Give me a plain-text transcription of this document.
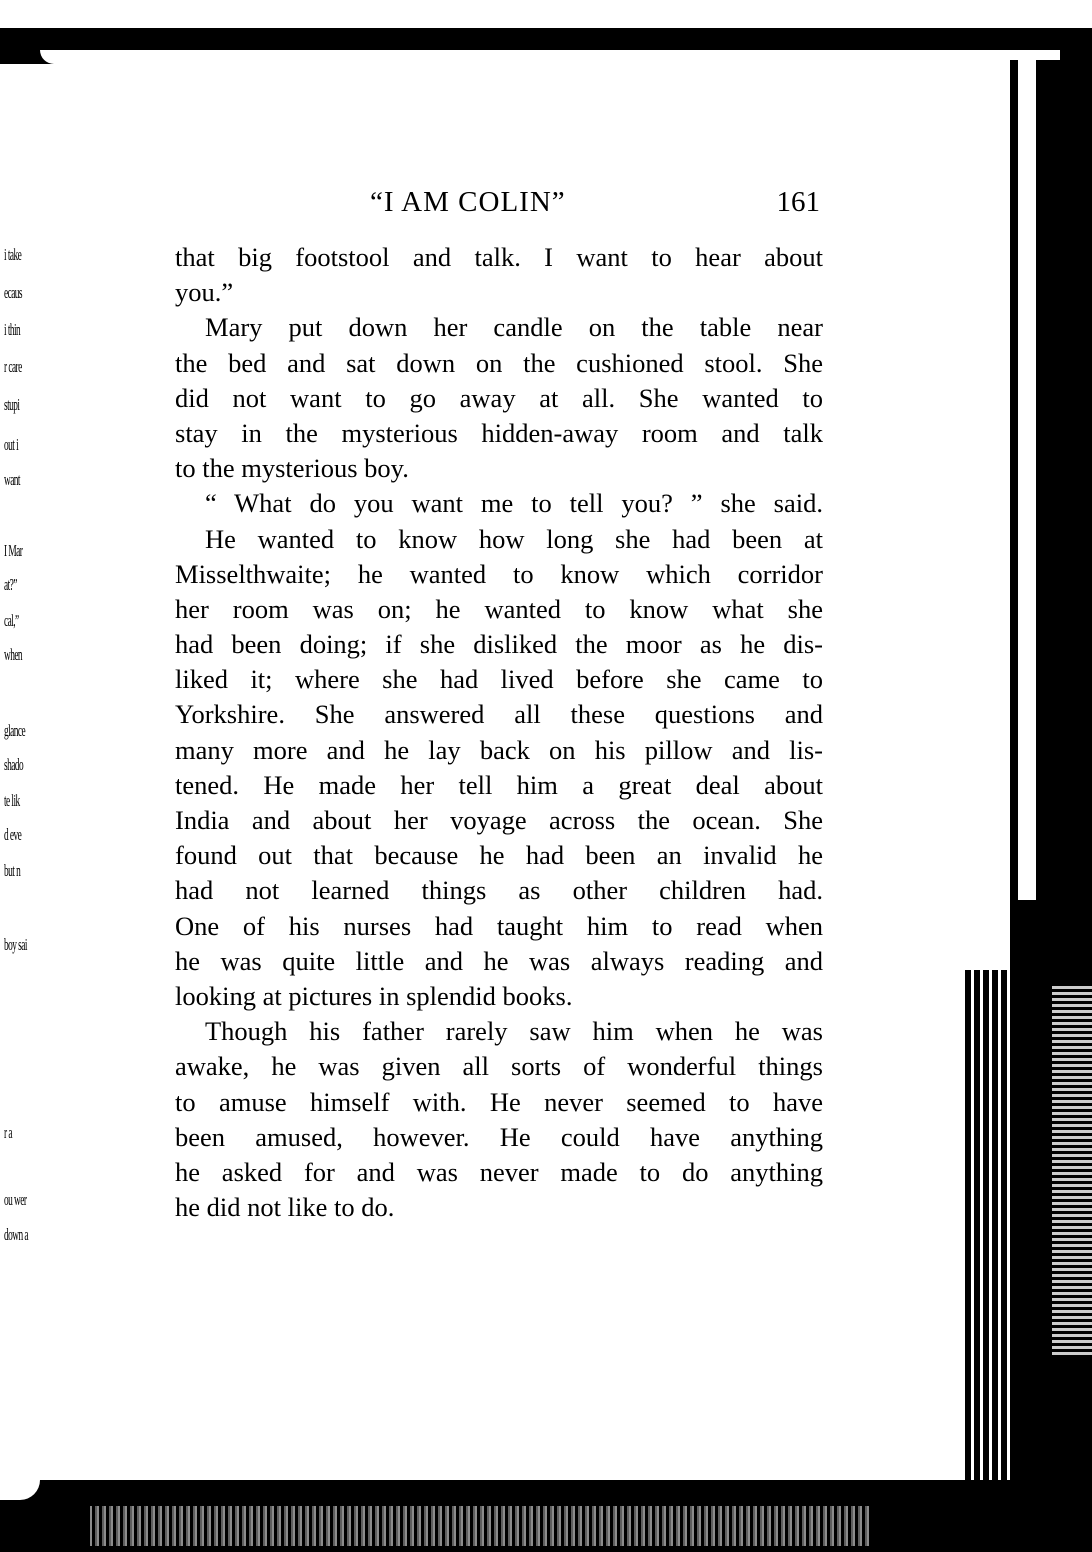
i take
ecaus
i thin
r care
stupi
out i
want
I Mar
at?”
cal,”
when
glance
shado
te lik
d eve
but n
boy sai
r a
ou wer
down a
“I AM COLIN”	161
that big footstool and talk. I want to hear about
you.”
Mary put down her candle on the table near
the bed and sat down on the cushioned stool. She
did not want to go away at all. She wanted to
stay in the mysterious hidden-away room and talk
to the mysterious boy.
“ What do you want me to tell you? ” she said.
He wanted to know how long she had been at
Misselthwaite; he wanted to know which corridor
her room was on; he wanted to know what she
had been doing; if she disliked the moor as he dis-
liked it; where she had lived before she came to
Yorkshire. She answered all these questions and
many more and he lay back on his pillow and lis-
tened. He made her tell him a great deal about
India and about her voyage across the ocean. She
found out that because he had been an invalid he
had not learned things as other children had.
One of his nurses had taught him to read when
he was quite little and he was always reading and
looking at pictures in splendid books.
Though his father rarely saw him when he was
awake, he was given all sorts of wonderful things
to amuse himself with. He never seemed to have
been amused, however. He could have anything
he asked for and was never made to do anything
he did not like to do.
